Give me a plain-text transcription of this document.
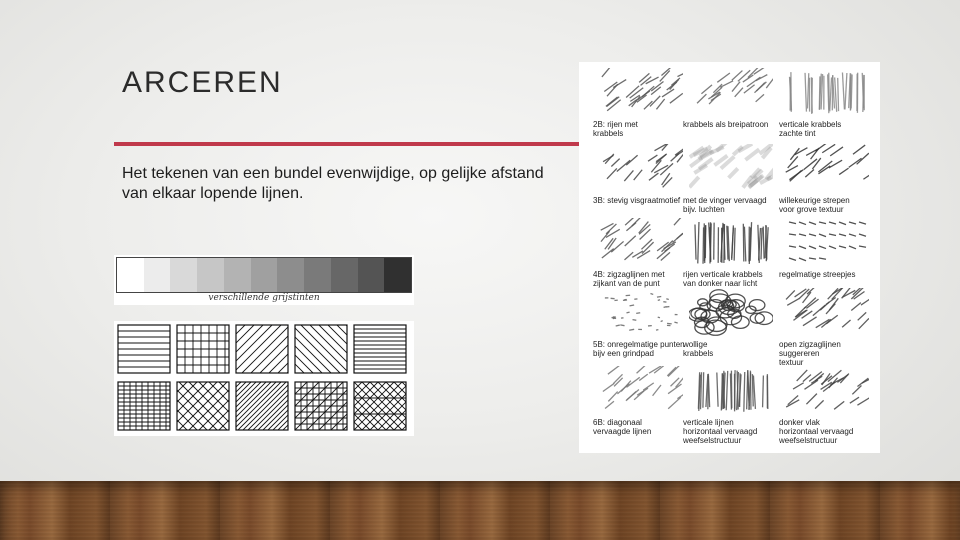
ARCEREN

Het tekenen van een bundel evenwijdige, op gelijke afstand van elkaar lopende lijnen.

verschillende grijstinten
2B: rijen met
krabbels
krabbels als breipatroon verticale krabbels
zachte tint
3B: stevig visgraatmotief met de vinger vervaagd
bijv. luchten
willekeurige strepen
voor grove textuur
4B: zigzaglijnen met
zijkant van de punt
rijen verticale krabbels
van donker naar licht
regelmatige streepjes
5B: onregelmatige punten
bijv een grindpad
wollige
krabbels
open zigzaglijnen
suggereren
textuur
6B: diagonaal
vervaagde lijnen
verticale lijnen
horizontaal vervaagd
weefselstructuur
donker vlak
horizontaal vervaagd
weefselstructuur
